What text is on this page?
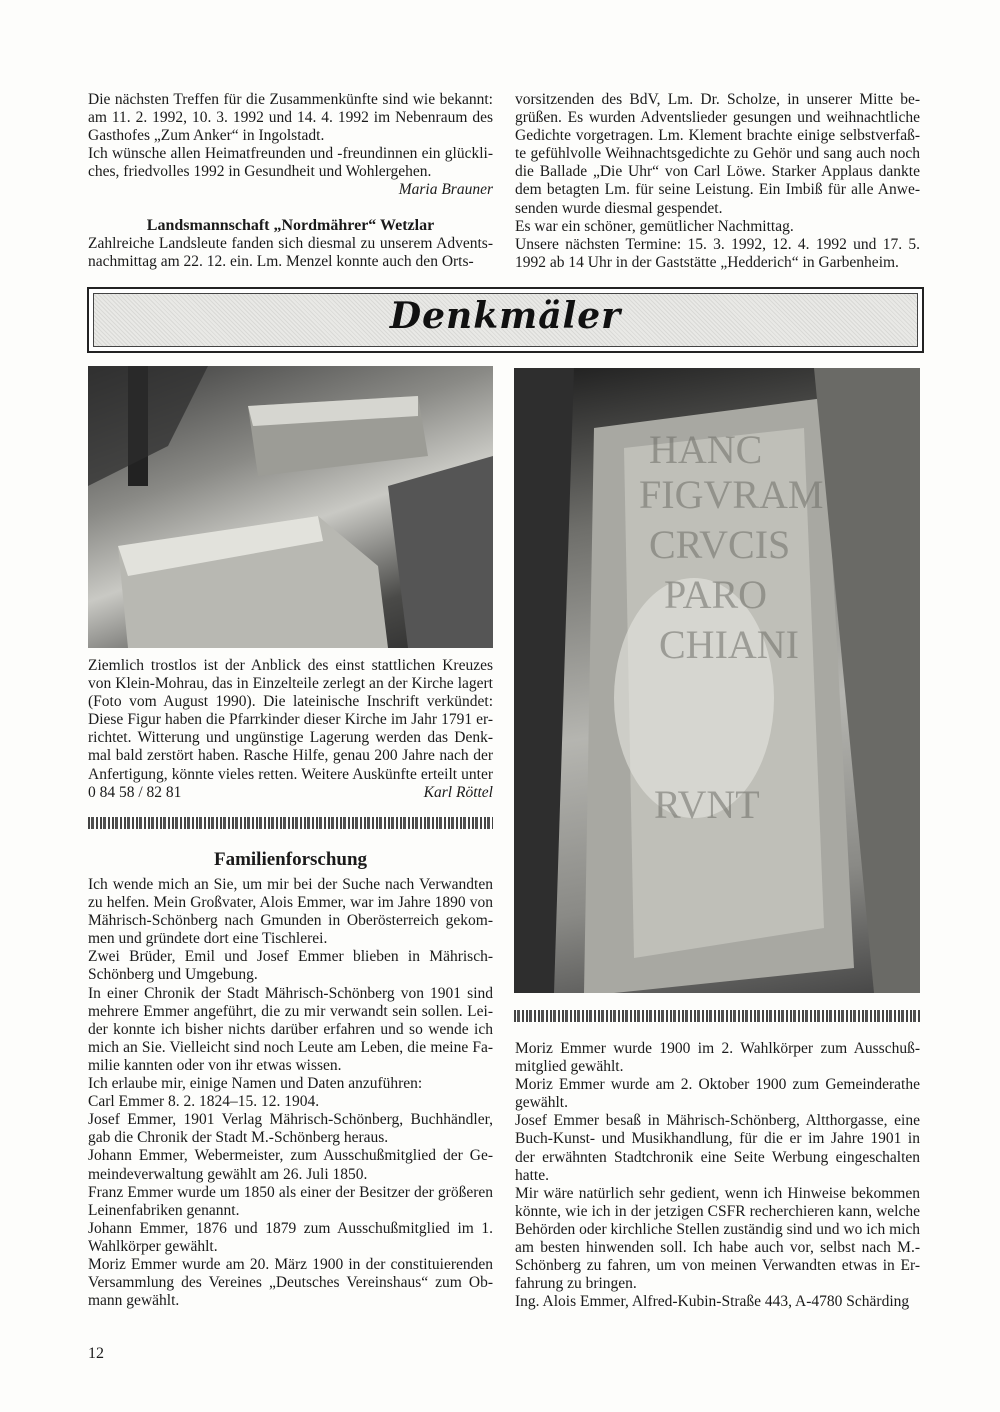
Die nächsten Treffen für die Zusammenkünfte sind wie bekannt:
am 11. 2. 1992, 10. 3. 1992 und 14. 4. 1992 im Nebenraum des
Gasthofes „Zum Anker“ in Ingolstadt.
Ich wünsche allen Heimatfreunden und -freundinnen ein glückli-
ches, friedvolles 1992 in Gesundheit und Wohlergehen.
Maria Brauner
Landsmannschaft „Nordmährer“ Wetzlar
Zahlreiche Landsleute fanden sich diesmal zu unserem Advents-
nachmittag am 22. 12. ein. Lm. Menzel konnte auch den Orts-
vorsitzenden des BdV, Lm. Dr. Scholze, in unserer Mitte be-
grüßen. Es wurden Adventslieder gesungen und weihnachtliche
Gedichte vorgetragen. Lm. Klement brachte einige selbstverfaß-
te gefühlvolle Weihnachtsgedichte zu Gehör und sang auch noch
die Ballade „Die Uhr“ von Carl Löwe. Starker Applaus dankte
dem betagten Lm. für seine Leistung. Ein Imbiß für alle Anwe-
senden wurde diesmal gespendet.
Es war ein schöner, gemütlicher Nachmittag.
Unsere nächsten Termine: 15. 3. 1992, 12. 4. 1992 und 17. 5.
1992 ab 14 Uhr in der Gaststätte „Hedderich“ in Garbenheim.
Denkmäler
HANC
FIGVRAM
CRVCIS
PARO
CHIANI
RVNT
Ziemlich trostlos ist der Anblick des einst stattlichen Kreuzes
von Klein-Mohrau, das in Einzelteile zerlegt an der Kirche lagert
(Foto vom August 1990). Die lateinische Inschrift verkündet:
Diese Figur haben die Pfarrkinder dieser Kirche im Jahr 1791 er-
richtet. Witterung und ungünstige Lagerung werden das Denk-
mal bald zerstört haben. Rasche Hilfe, genau 200 Jahre nach der
Anfertigung, könnte vieles retten. Weitere Auskünfte erteilt unter
0 84 58 / 82 81	Karl Röttel
Familienforschung
Ich wende mich an Sie, um mir bei der Suche nach Verwandten
zu helfen. Mein Großvater, Alois Emmer, war im Jahre 1890 von
Mährisch-Schönberg nach Gmunden in Oberösterreich gekom-
men und gründete dort eine Tischlerei.
Zwei Brüder, Emil und Josef Emmer blieben in Mährisch-
Schönberg und Umgebung.
In einer Chronik der Stadt Mährisch-Schönberg von 1901 sind
mehrere Emmer angeführt, die zu mir verwandt sein sollen. Lei-
der konnte ich bisher nichts darüber erfahren und so wende ich
mich an Sie. Vielleicht sind noch Leute am Leben, die meine Fa-
milie kannten oder von ihr etwas wissen.
Ich erlaube mir, einige Namen und Daten anzuführen:
Carl Emmer 8. 2. 1824–15. 12. 1904.
Josef Emmer, 1901 Verlag Mährisch-Schönberg, Buchhändler,
gab die Chronik der Stadt M.-Schönberg heraus.
Johann Emmer, Webermeister, zum Ausschußmitglied der Ge-
meindeverwaltung gewählt am 26. Juli 1850.
Franz Emmer wurde um 1850 als einer der Besitzer der größeren
Leinenfabriken genannt.
Johann Emmer, 1876 und 1879 zum Ausschußmitglied im 1.
Wahlkörper gewählt.
Moriz Emmer wurde am 20. März 1900 in der constituierenden
Versammlung des Vereines „Deutsches Vereinshaus“ zum Ob-
mann gewählt.
Moriz Emmer wurde 1900 im 2. Wahlkörper zum Ausschuß-
mitglied gewählt.
Moriz Emmer wurde am 2. Oktober 1900 zum Gemeinderathe
gewählt.
Josef Emmer besaß in Mährisch-Schönberg, Altthorgasse, eine
Buch-Kunst- und Musikhandlung, für die er im Jahre 1901 in
der erwähnten Stadtchronik eine Seite Werbung eingeschalten
hatte.
Mir wäre natürlich sehr gedient, wenn ich Hinweise bekommen
könnte, wie ich in der jetzigen CSFR recherchieren kann, welche
Behörden oder kirchliche Stellen zuständig sind und wo ich mich
am besten hinwenden soll. Ich habe auch vor, selbst nach M.-
Schönberg zu fahren, um von meinen Verwandten etwas in Er-
fahrung zu bringen.
Ing. Alois Emmer, Alfred-Kubin-Straße 443, A-4780 Schärding
12
